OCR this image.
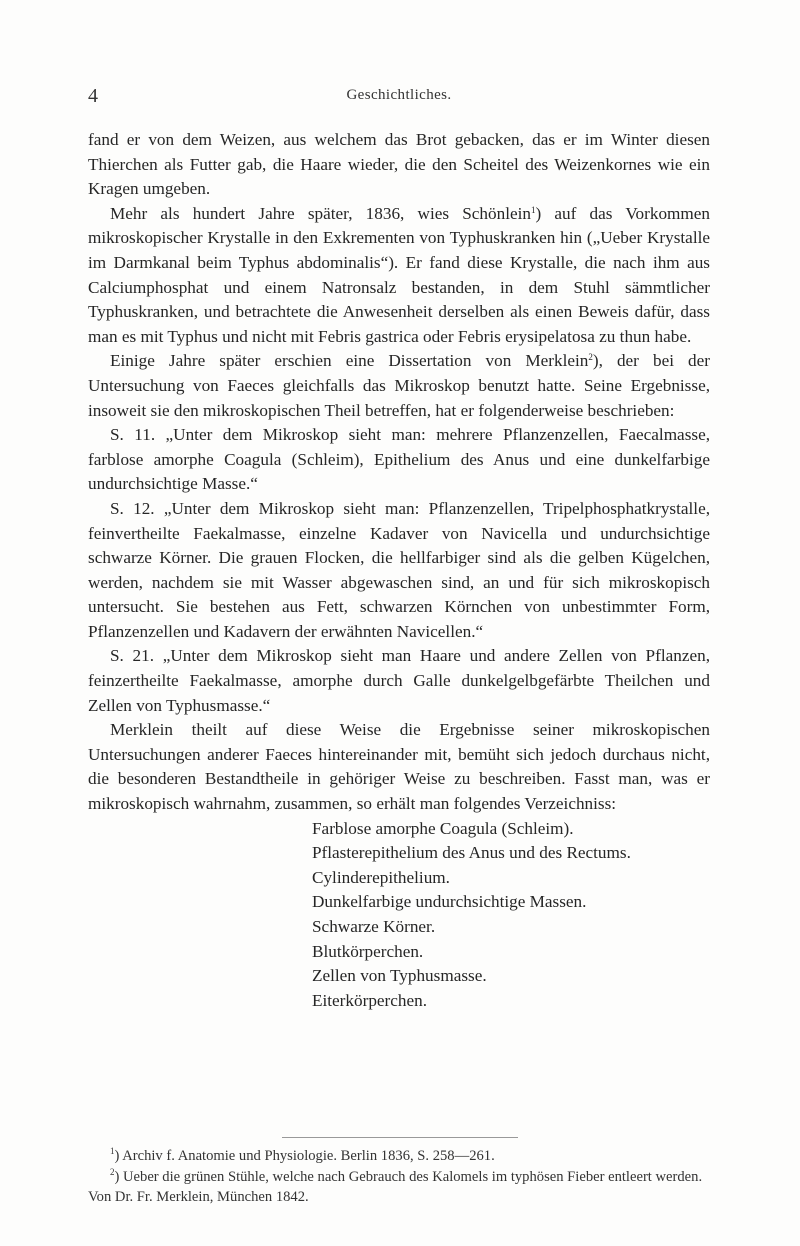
4	Geschichtliches.

fand er von dem Weizen, aus welchem das Brot gebacken, das er im Winter diesen Thierchen als Futter gab, die Haare wieder, die den Scheitel des Weizenkornes wie ein Kragen umgeben.

Mehr als hundert Jahre später, 1836, wies Schönlein$^1$) auf das Vorkommen mikroskopischer Krystalle in den Exkrementen von Typhuskranken hin („Ueber Krystalle im Darmkanal beim Typhus abdominalis“). Er fand diese Krystalle, die nach ihm aus Calciumphosphat und einem Natronsalz bestanden, in dem Stuhl sämmtlicher Typhuskranken, und betrachtete die Anwesenheit derselben als einen Beweis dafür, dass man es mit Typhus und nicht mit Febris gastrica oder Febris erysipelatosa zu thun habe.

Einige Jahre später erschien eine Dissertation von Merklein$^2$), der bei der Untersuchung von Faeces gleichfalls das Mikroskop benutzt hatte. Seine Ergebnisse, insoweit sie den mikroskopischen Theil betreffen, hat er folgenderweise beschrieben:

S. 11. „Unter dem Mikroskop sieht man: mehrere Pflanzenzellen, Faecalmasse, farblose amorphe Coagula (Schleim), Epithelium des Anus und eine dunkelfarbige undurchsichtige Masse.“

S. 12. „Unter dem Mikroskop sieht man: Pflanzenzellen, Tripelphosphatkrystalle, feinvertheilte Faekalmasse, einzelne Kadaver von Navicella und undurchsichtige schwarze Körner. Die grauen Flocken, die hellfarbiger sind als die gelben Kügelchen, werden, nachdem sie mit Wasser abgewaschen sind, an und für sich mikroskopisch untersucht. Sie bestehen aus Fett, schwarzen Körnchen von unbestimmter Form, Pflanzenzellen und Kadavern der erwähnten Navicellen.“

S. 21. „Unter dem Mikroskop sieht man Haare und andere Zellen von Pflanzen, feinzertheilte Faekalmasse, amorphe durch Galle dunkelgelbgefärbte Theilchen und Zellen von Typhusmasse.“

Merklein theilt auf diese Weise die Ergebnisse seiner mikroskopischen Untersuchungen anderer Faeces hintereinander mit, bemüht sich jedoch durchaus nicht, die besonderen Bestandtheile in gehöriger Weise zu beschreiben. Fasst man, was er mikroskopisch wahrnahm, zusammen, so erhält man folgendes Verzeichniss:

Farblose amorphe Coagula (Schleim).
Pflasterepithelium des Anus und des Rectums.
Cylinderepithelium.
Dunkelfarbige undurchsichtige Massen.
Schwarze Körner.
Blutkörperchen.
Zellen von Typhusmasse.
Eiterkörperchen.

$^1$) Archiv f. Anatomie und Physiologie. Berlin 1836, S. 258—261.

$^2$) Ueber die grünen Stühle, welche nach Gebrauch des Kalomels im typhösen Fieber entleert werden. Von Dr. Fr. Merklein, München 1842.
